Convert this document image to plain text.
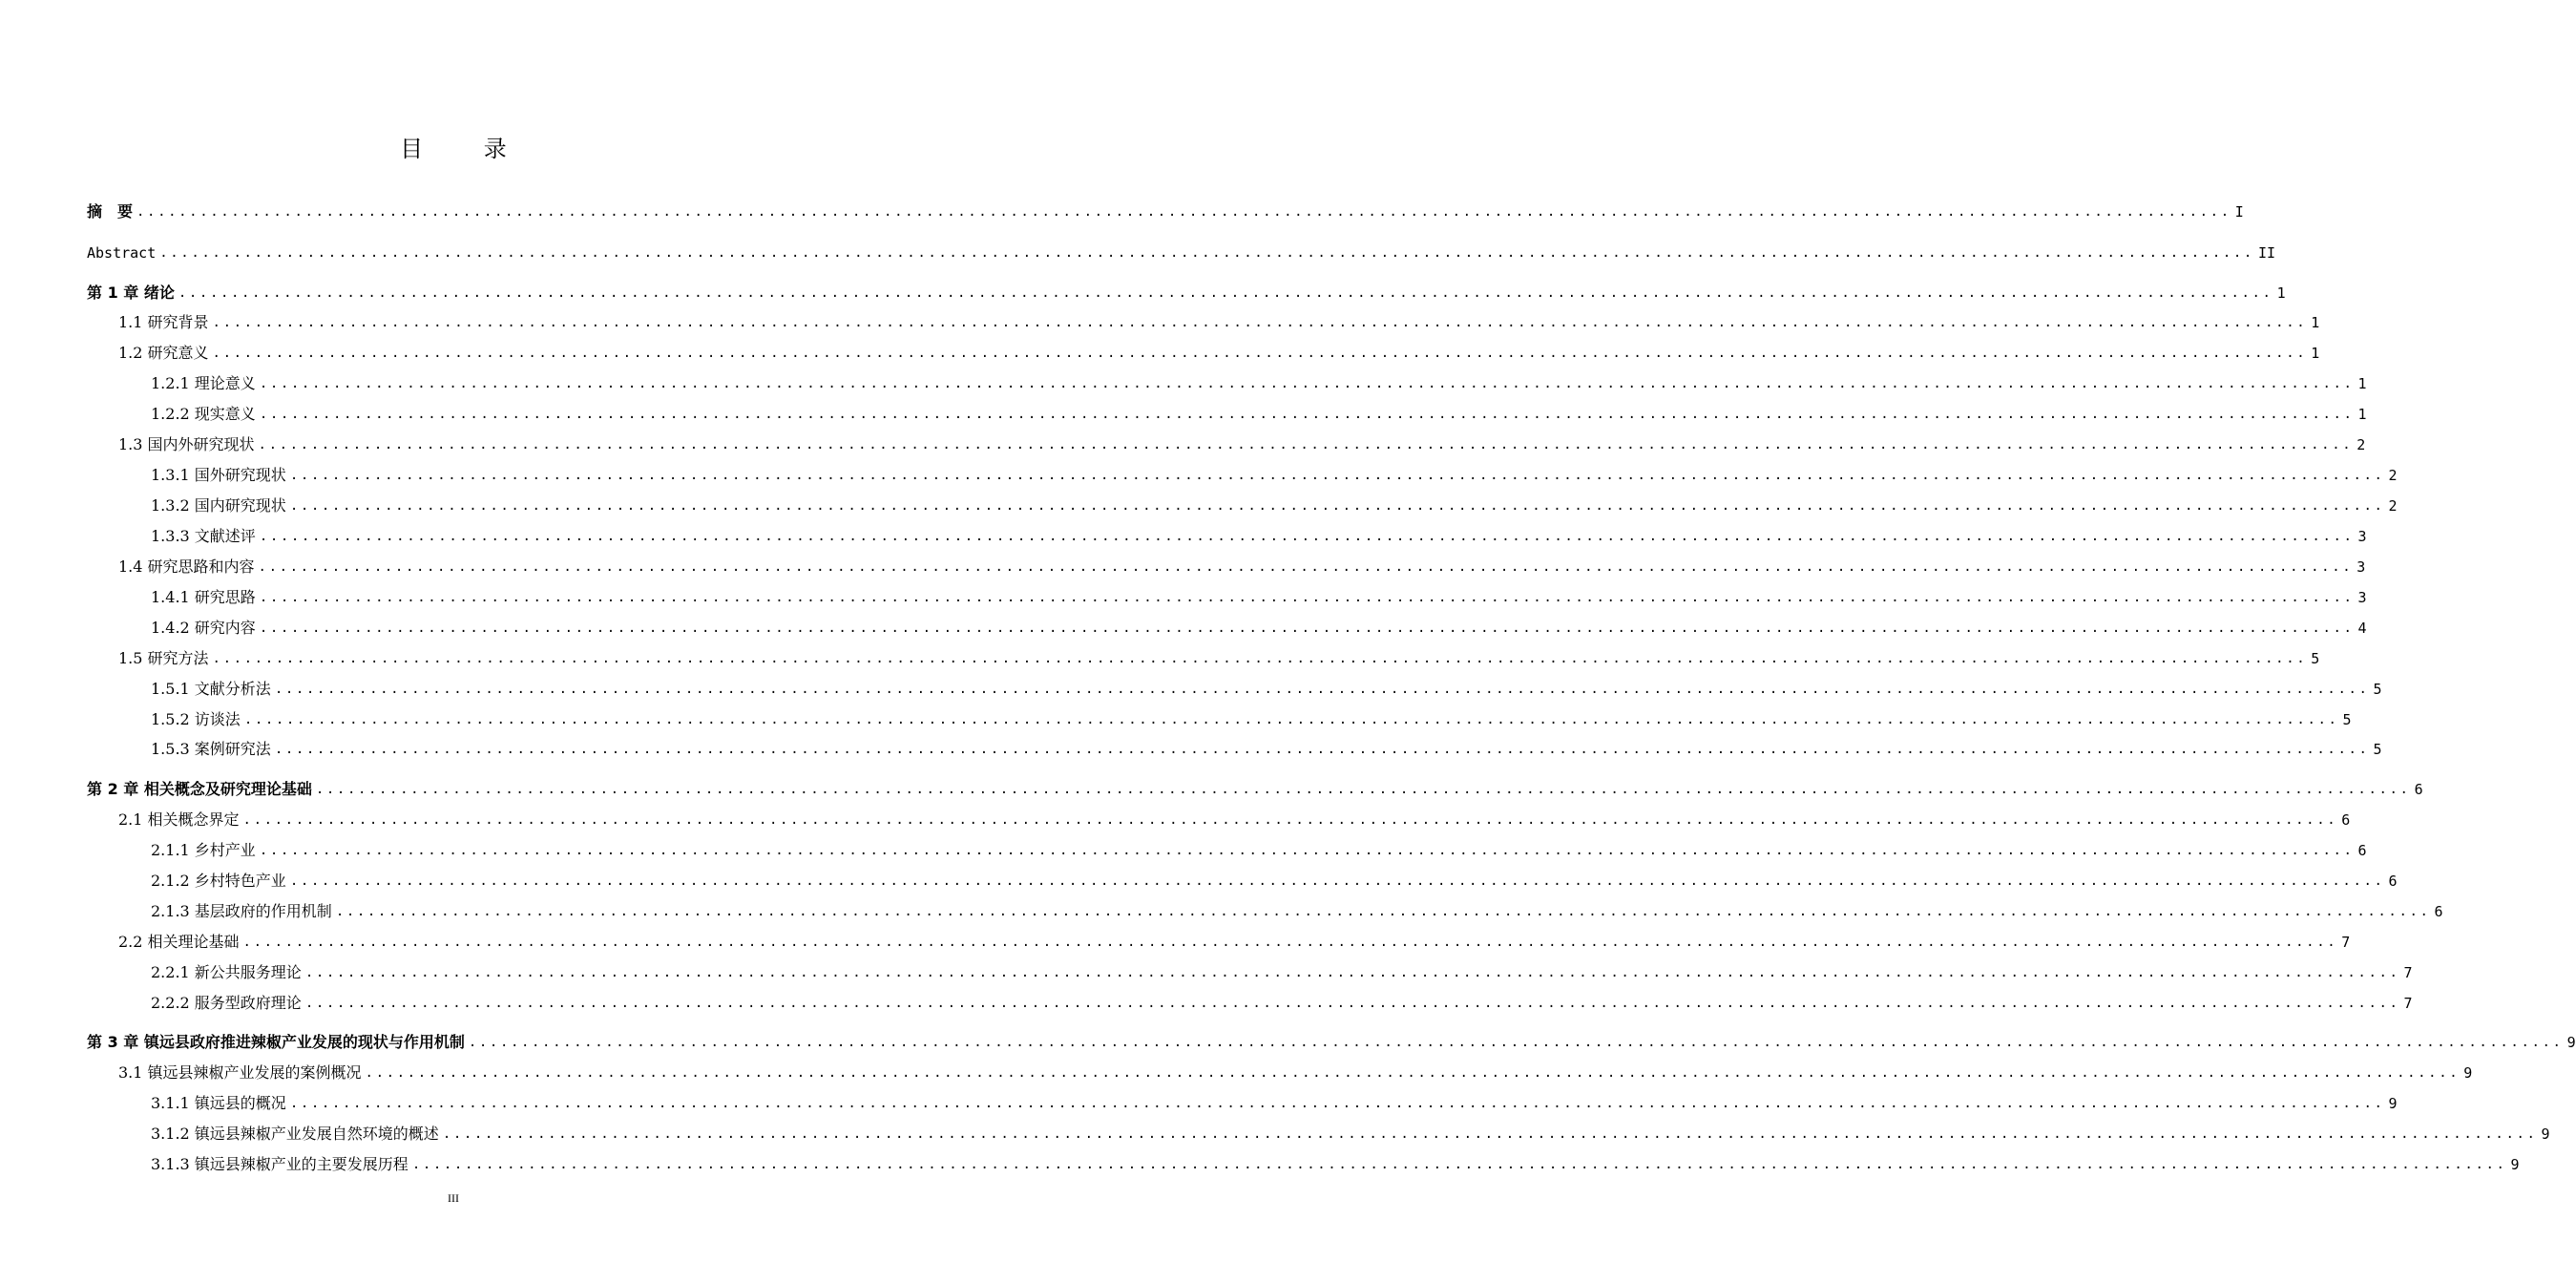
目 录
摘　要 ....................................................................................................................................................................................................... I
Abstract ....................................................................................................................................................................................................... II
第 1 章 绪论 ....................................................................................................................................................................................................... 1
1.1 研究背景 ....................................................................................................................................................................................................... 1
1.2 研究意义 ....................................................................................................................................................................................................... 1
1.2.1 理论意义 ....................................................................................................................................................................................................... 1
1.2.2 现实意义 ....................................................................................................................................................................................................... 1
1.3 国内外研究现状 ....................................................................................................................................................................................................... 2
1.3.1 国外研究现状 ....................................................................................................................................................................................................... 2
1.3.2 国内研究现状 ....................................................................................................................................................................................................... 2
1.3.3 文献述评 ....................................................................................................................................................................................................... 3
1.4 研究思路和内容 ....................................................................................................................................................................................................... 3
1.4.1 研究思路 ....................................................................................................................................................................................................... 3
1.4.2 研究内容 ....................................................................................................................................................................................................... 4
1.5 研究方法 ....................................................................................................................................................................................................... 5
1.5.1 文献分析法 ....................................................................................................................................................................................................... 5
1.5.2 访谈法 ....................................................................................................................................................................................................... 5
1.5.3 案例研究法 ....................................................................................................................................................................................................... 5
第 2 章 相关概念及研究理论基础 ....................................................................................................................................................................................................... 6
2.1 相关概念界定 ....................................................................................................................................................................................................... 6
2.1.1 乡村产业 ....................................................................................................................................................................................................... 6
2.1.2 乡村特色产业 ....................................................................................................................................................................................................... 6
2.1.3 基层政府的作用机制 ....................................................................................................................................................................................................... 6
2.2 相关理论基础 ....................................................................................................................................................................................................... 7
2.2.1 新公共服务理论 ....................................................................................................................................................................................................... 7
2.2.2 服务型政府理论 ....................................................................................................................................................................................................... 7
第 3 章 镇远县政府推进辣椒产业发展的现状与作用机制 ....................................................................................................................................................................................................... 9
3.1 镇远县辣椒产业发展的案例概况 ....................................................................................................................................................................................................... 9
3.1.1 镇远县的概况 ....................................................................................................................................................................................................... 9
3.1.2 镇远县辣椒产业发展自然环境的概述 ....................................................................................................................................................................................................... 9
3.1.3 镇远县辣椒产业的主要发展历程 ....................................................................................................................................................................................................... 9
III
